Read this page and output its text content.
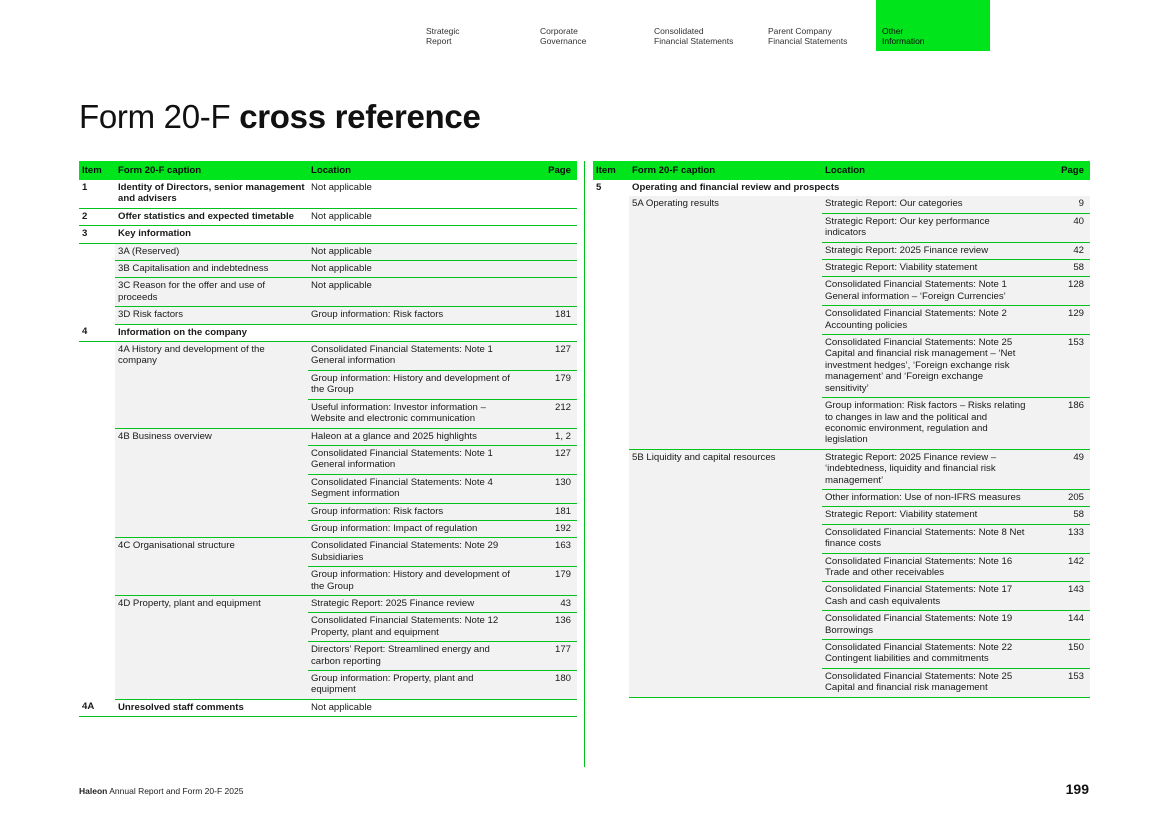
Strategic
Report
Corporate
Governance
Consolidated
Financial Statements
Parent Company
Financial Statements
Other
Information
Form 20-F cross reference
Item	Form 20-F caption	Location	Page
1	Identity of Directors, senior management and advisers	Not applicable	
2	Offer statistics and expected timetable	Not applicable	
3	Key information		
	3A (Reserved)	Not applicable	
	3B Capitalisation and indebtedness	Not applicable	
	3C Reason for the offer and use of proceeds	Not applicable	
	3D Risk factors	Group information: Risk factors	181
4	Information on the company		
	4A History and development of the company	Consolidated Financial Statements: Note 1 General information	127
		Group information: History and development of the Group	179
		Useful information: Investor information – Website and electronic communication	212
	4B Business overview	Haleon at a glance and 2025 highlights	1, 2
		Consolidated Financial Statements: Note 1 General information	127
		Consolidated Financial Statements: Note 4 Segment information	130
		Group information: Risk factors	181
		Group information: Impact of regulation	192
	4C Organisational structure	Consolidated Financial Statements: Note 29 Subsidiaries	163
		Group information: History and development of the Group	179
	4D Property, plant and equipment	Strategic Report: 2025 Finance review	43
		Consolidated Financial Statements: Note 12 Property, plant and equipment	136
		Directors’ Report: Streamlined energy and carbon reporting	177
		Group information: Property, plant and equipment	180
4A	Unresolved staff comments	Not applicable	
Item	Form 20-F caption	Location	Page
5	Operating and financial review and prospects		
	5A Operating results	Strategic Report: Our categories	9
		Strategic Report: Our key performance indicators	40
		Strategic Report: 2025 Finance review	42
		Strategic Report: Viability statement	58
		Consolidated Financial Statements: Note 1 General information – ‘Foreign Currencies’	128
		Consolidated Financial Statements: Note 2 Accounting policies	129
		Consolidated Financial Statements: Note 25 Capital and financial risk management – ‘Net investment hedges’, ‘Foreign exchange risk management’ and ‘Foreign exchange sensitivity’	153
		Group information: Risk factors – Risks relating to changes in law and the political and economic environment, regulation and legislation	186
	5B Liquidity and capital resources	Strategic Report: 2025 Finance review – ‘indebtedness, liquidity and financial risk management’	49
		Other information: Use of non-IFRS measures	205
		Strategic Report: Viability statement	58
		Consolidated Financial Statements: Note 8 Net finance costs	133
		Consolidated Financial Statements: Note 16 Trade and other receivables	142
		Consolidated Financial Statements: Note 17 Cash and cash equivalents	143
		Consolidated Financial Statements: Note 19 Borrowings	144
		Consolidated Financial Statements: Note 22 Contingent liabilities and commitments	150
		Consolidated Financial Statements: Note 25 Capital and financial risk management	153
Haleon Annual Report and Form 20-F 2025	199
